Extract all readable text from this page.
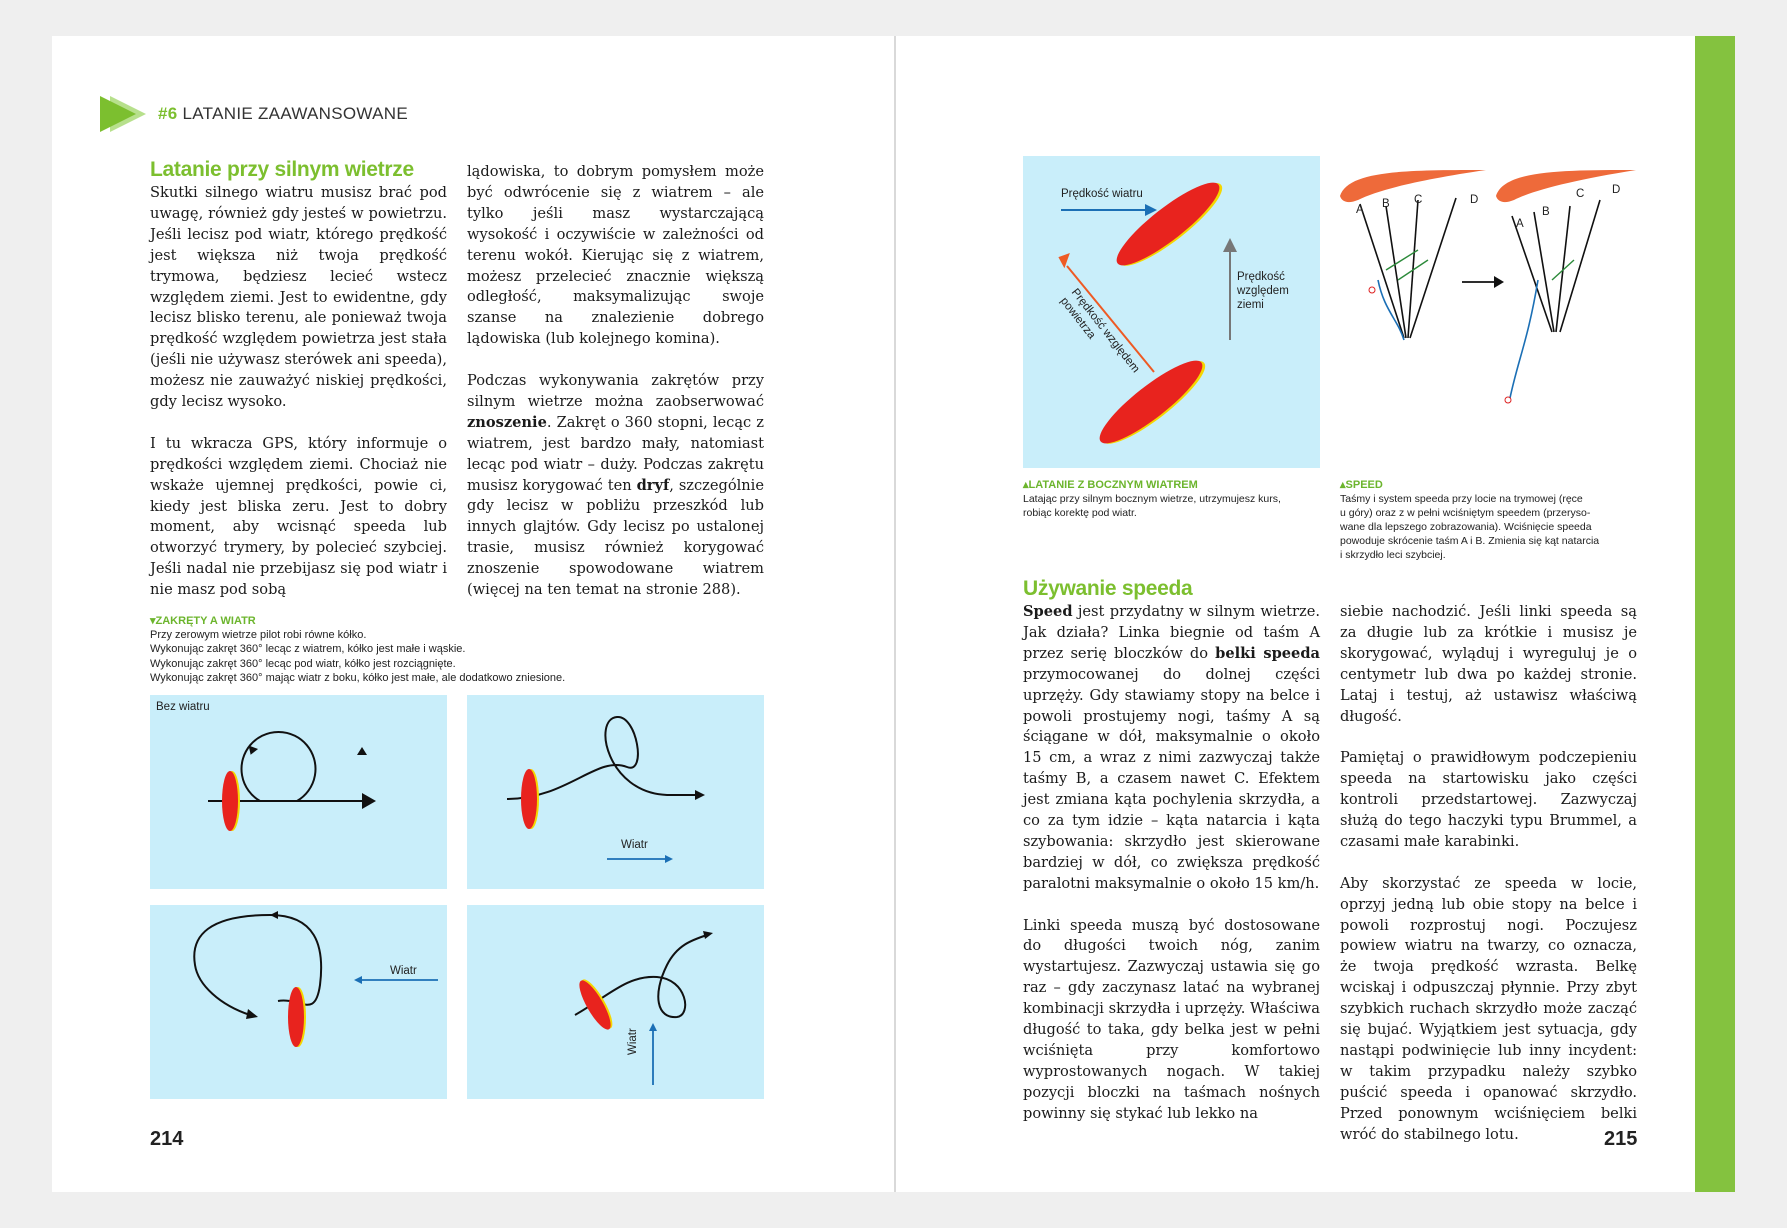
#6 LATANIE ZAAWANSOWANE
Latanie przy silnym wietrze

Skutki silnego wiatru musisz brać pod uwagę, również gdy jesteś w powietrzu. Jeśli lecisz pod wiatr, którego prędkość jest większa niż twoja prędkość trymowa, będziesz lecieć wstecz względem ziemi. Jest to ewidentne, gdy lecisz blisko terenu, ale ponieważ twoja prędkość względem powietrza jest stała (jeśli nie używasz sterówek ani speeda), możesz nie zauważyć niskiej prędkości, gdy lecisz wysoko.

I tu wkracza GPS, który informuje o prędkości względem ziemi. Chociaż nie wskaże ujemnej prędkości, powie ci, kiedy jest bliska zeru. Jest to dobry moment, aby wcisnąć speeda lub otworzyć trymery, by polecieć szybciej. Jeśli nadal nie przebijasz się pod wiatr i nie masz pod sobą

lądowiska, to dobrym pomysłem może być odwrócenie się z wiatrem – ale tylko jeśli masz wystarczającą wysokość i oczywiście w zależności od terenu wokół. Kierując się z wiatrem, możesz przelecieć znacznie większą odległość, maksymalizując swoje szanse na znalezienie dobrego lądowiska (lub kolejnego komina).

Podczas wykonywania zakrętów przy silnym wietrze można zaobserwować znoszenie. Zakręt o 360 stopni, lecąc z wiatrem, jest bardzo mały, natomiast lecąc pod wiatr – duży. Podczas zakrętu musisz korygować ten dryf, szczególnie gdy lecisz w pobliżu przeszkód lub innych glajtów. Gdy lecisz po ustalonej trasie, musisz również korygować znoszenie spowodowane wiatrem (więcej na ten temat na stronie 288).

▾ZAKRĘTY A WIATR
Przy zerowym wietrze pilot robi równe kółko.
Wykonując zakręt 360° lecąc z wiatrem, kółko jest małe i wąskie.
Wykonując zakręt 360° lecąc pod wiatr, kółko jest rozciągnięte.
Wykonując zakręt 360° mając wiatr z boku, kółko jest małe, ale dodatkowo zniesione.
Bez wiatru
Wiatr
Wiatr
Wiatr
214
Prędkość wiatru
Prędkość
względem
ziemi
Prędkość względem powietrza
▴LATANIE Z BOCZNYM WIATREM
Latając przy silnym bocznym wietrze, utrzymujesz kurs,
robiąc korektę pod wiatr.
A B C	D
A
B
C D
▴SPEED
Taśmy i system speeda przy locie na trymowej (ręce
u góry) oraz z w pełni wciśniętym speedem (przeryso-
wane dla lepszego zobrazowania). Wciśnięcie speeda
powoduje skrócenie taśm A i B. Zmienia się kąt natarcia
i skrzydło leci szybciej.
Używanie speeda

Speed jest przydatny w silnym wietrze. Jak działa? Linka biegnie od taśm A przez serię bloczków do belki speeda przymocowanej do dolnej części uprzęży. Gdy stawiamy stopy na belce i powoli prostujemy nogi, taśmy A są ściągane w dół, maksymalnie o około 15 cm, a wraz z nimi zazwyczaj także taśmy B, a czasem nawet C. Efektem jest zmiana kąta pochylenia skrzydła, a co za tym idzie – kąta natarcia i kąta szybowania: skrzydło jest skierowane bardziej w dół, co zwiększa prędkość paralotni maksymalnie o około 15 km/h.

Linki speeda muszą być dostosowane do długości twoich nóg, zanim wystartujesz. Zazwyczaj ustawia się go raz – gdy zaczynasz latać na wybranej kombinacji skrzydła i uprzęży. Właściwa długość to taka, gdy belka jest w pełni wciśnięta przy komfortowo wyprostowanych nogach. W takiej pozycji bloczki na taśmach nośnych powinny się stykać lub lekko na

siebie nachodzić. Jeśli linki speeda są za długie lub za krótkie i musisz je skorygować, wyląduj i wyreguluj je o centymetr lub dwa po każdej stronie. Lataj i testuj, aż ustawisz właściwą długość.

Pamiętaj o prawidłowym podczepieniu speeda na startowisku jako części kontroli przedstartowej. Zazwyczaj służą do tego haczyki typu Brummel, a czasami małe karabinki.

Aby skorzystać ze speeda w locie, oprzyj jedną lub obie stopy na belce i powoli rozprostuj nogi. Poczujesz powiew wiatru na twarzy, co oznacza, że twoja prędkość wzrasta. Belkę wciskaj i odpuszczaj płynnie. Przy zbyt szybkich ruchach skrzydło może zacząć się bujać. Wyjątkiem jest sytuacja, gdy nastąpi podwinięcie lub inny incydent: w takim przypadku należy szybko puścić speeda i opanować skrzydło. Przed ponownym wciśnięciem belki wróć do stabilnego lotu.	215
